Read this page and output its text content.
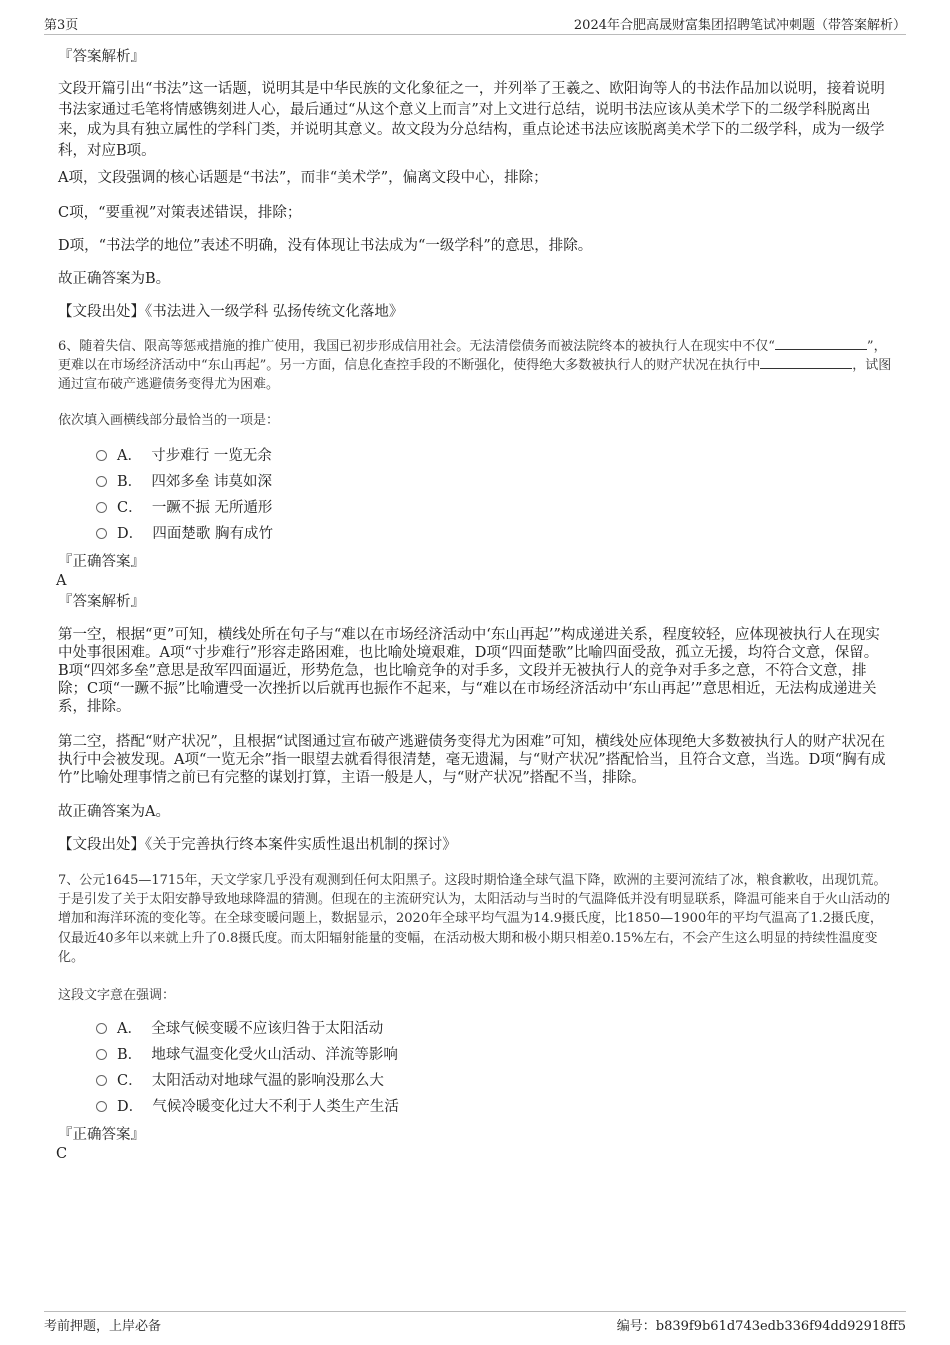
第3页	2024年合肥高晟财富集团招聘笔试冲刺题（带答案解析）
『答案解析』
文段开篇引出“书法”这一话题，说明其是中华民族的文化象征之一，并列举了王羲之、欧阳询等人的书法作品加以说明，接着说明书法家通过毛笔将情感镌刻进人心，最后通过“从这个意义上而言”对上文进行总结，说明书法应该从美术学下的二级学科脱离出来，成为具有独立属性的学科门类，并说明其意义。故文段为分总结构，重点论述书法应该脱离美术学下的二级学科，成为一级学科，对应B项。
A项，文段强调的核心话题是“书法”，而非“美术学”，偏离文段中心，排除；
C项，“要重视”对策表述错误，排除；
D项，“书法学的地位”表述不明确，没有体现让书法成为“一级学科”的意思，排除。
故正确答案为B。
【文段出处】《书法进入一级学科 弘扬传统文化落地》
6、随着失信、限高等惩戒措施的推广使用，我国已初步形成信用社会。无法清偿债务而被法院终本的被执行人在现实中不仅“	”，更难以在市场经济活动中“东山再起”。另一方面，信息化查控手段的不断强化，使得绝大多数被执行人的财产状况在执行中	，试图通过宣布破产逃避债务变得尤为困难。
依次填入画横线部分最恰当的一项是：
A． 寸步难行 一览无余
B． 四郊多垒 讳莫如深
C． 一蹶不振 无所遁形
D． 四面楚歌 胸有成竹
『正确答案』
A
『答案解析』
第一空，根据“更”可知，横线处所在句子与“难以在市场经济活动中‘东山再起’”构成递进关系，程度较轻，应体现被执行人在现实中处事很困难。A项“寸步难行”形容走路困难，也比喻处境艰难，D项“四面楚歌”比喻四面受敌，孤立无援，均符合文意，保留。B项“四郊多垒”意思是敌军四面逼近，形势危急，也比喻竞争的对手多，文段并无被执行人的竞争对手多之意，不符合文意，排除；C项“一蹶不振”比喻遭受一次挫折以后就再也振作不起来，与“难以在市场经济活动中‘东山再起’”意思相近，无法构成递进关系，排除。
第二空，搭配“财产状况”，且根据“试图通过宣布破产逃避债务变得尤为困难”可知，横线处应体现绝大多数被执行人的财产状况在执行中会被发现。A项“一览无余”指一眼望去就看得很清楚，毫无遗漏，与“财产状况”搭配恰当，且符合文意，当选。D项“胸有成竹”比喻处理事情之前已有完整的谋划打算，主语一般是人，与“财产状况”搭配不当，排除。
故正确答案为A。
【文段出处】《关于完善执行终本案件实质性退出机制的探讨》
7、公元1645—1715年，天文学家几乎没有观测到任何太阳黑子。这段时期恰逢全球气温下降，欧洲的主要河流结了冰，粮食歉收，出现饥荒。于是引发了关于太阳安静导致地球降温的猜测。但现在的主流研究认为，太阳活动与当时的气温降低并没有明显联系，降温可能来自于火山活动的增加和海洋环流的变化等。在全球变暖问题上，数据显示，2020年全球平均气温为14.9摄氏度，比1850—1900年的平均气温高了1.2摄氏度，仅最近40多年以来就上升了0.8摄氏度。而太阳辐射能量的变幅，在活动极大期和极小期只相差0.15%左右，不会产生这么明显的持续性温度变化。
这段文字意在强调：
A． 全球气候变暖不应该归咎于太阳活动
B． 地球气温变化受火山活动、洋流等影响
C． 太阳活动对地球气温的影响没那么大
D． 气候冷暖变化过大不利于人类生产生活
『正确答案』
C
考前押题，上岸必备	编号：b839f9b61d743edb336f94dd92918ff5
